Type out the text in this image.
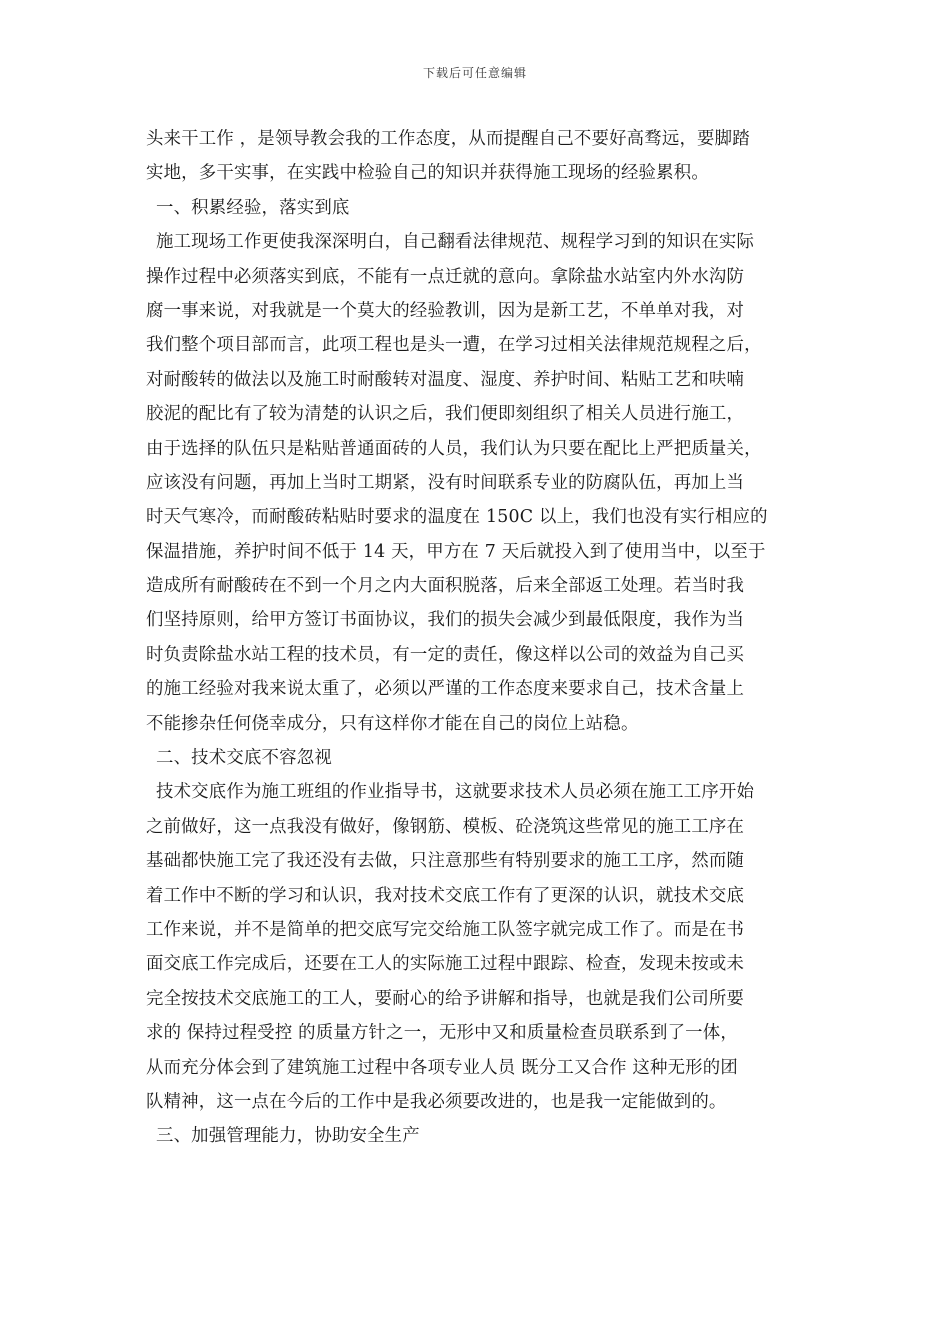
下载后可任意编辑
头来干工作 ，是领导教会我的工作态度，从而提醒自己不要好高骛远，要脚踏
实地，多干实事，在实践中检验自己的知识并获得施工现场的经验累积。
一、积累经验，落实到底
施工现场工作更使我深深明白，自己翻看法律规范、规程学习到的知识在实际
操作过程中必须落实到底，不能有一点迁就的意向。拿除盐水站室内外水沟防
腐一事来说，对我就是一个莫大的经验教训，因为是新工艺，不单单对我，对
我们整个项目部而言，此项工程也是头一遭，在学习过相关法律规范规程之后，
对耐酸转的做法以及施工时耐酸转对温度、湿度、养护时间、粘贴工艺和呋喃
胶泥的配比有了较为清楚的认识之后，我们便即刻组织了相关人员进行施工，
由于选择的队伍只是粘贴普通面砖的人员，我们认为只要在配比上严把质量关，
应该没有问题，再加上当时工期紧，没有时间联系专业的防腐队伍，再加上当
时天气寒冷，而耐酸砖粘贴时要求的温度在 150C 以上，我们也没有实行相应的
保温措施，养护时间不低于 14 天，甲方在 7 天后就投入到了使用当中，以至于
造成所有耐酸砖在不到一个月之内大面积脱落，后来全部返工处理。若当时我
们坚持原则，给甲方签订书面协议，我们的损失会减少到最低限度，我作为当
时负责除盐水站工程的技术员，有一定的责任，像这样以公司的效益为自己买
的施工经验对我来说太重了，必须以严谨的工作态度来要求自己，技术含量上
不能掺杂任何侥幸成分，只有这样你才能在自己的岗位上站稳。
二、技术交底不容忽视
技术交底作为施工班组的作业指导书，这就要求技术人员必须在施工工序开始
之前做好，这一点我没有做好，像钢筋、模板、砼浇筑这些常见的施工工序在
基础都快施工完了我还没有去做，只注意那些有特别要求的施工工序，然而随
着工作中不断的学习和认识，我对技术交底工作有了更深的认识，就技术交底
工作来说，并不是简单的把交底写完交给施工队签字就完成工作了。而是在书
面交底工作完成后，还要在工人的实际施工过程中跟踪、检查，发现未按或未
完全按技术交底施工的工人，要耐心的给予讲解和指导，也就是我们公司所要
求的 保持过程受控 的质量方针之一，无形中又和质量检查员联系到了一体，
从而充分体会到了建筑施工过程中各项专业人员 既分工又合作 这种无形的团
队精神，这一点在今后的工作中是我必须要改进的，也是我一定能做到的。
三、加强管理能力，协助安全生产
